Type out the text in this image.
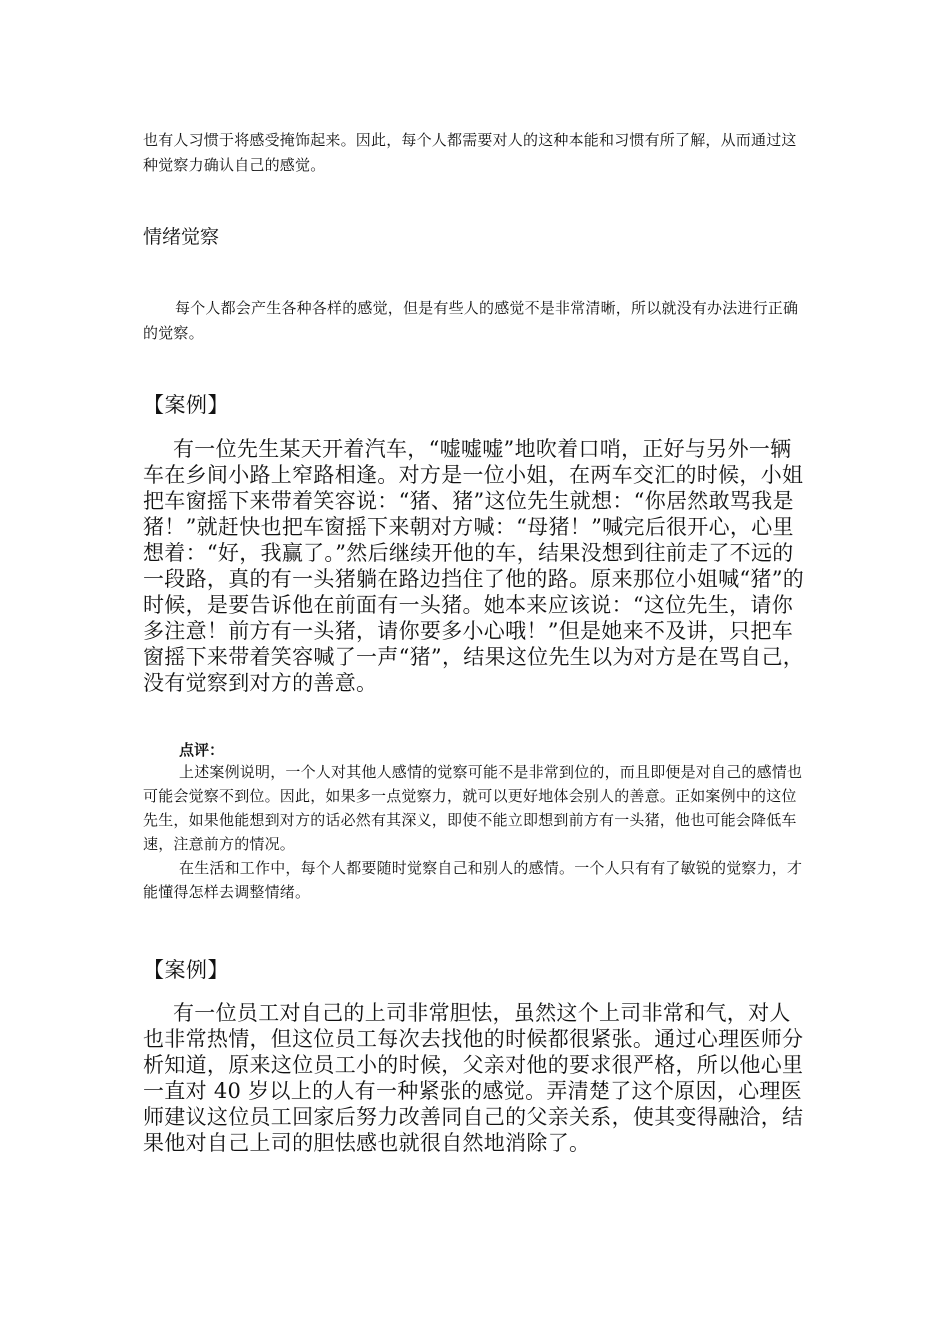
也有人习惯于将感受掩饰起来。因此，每个人都需要对人的这种本能和习惯有所了解，从而通过这种觉察力确认自己的感觉。

情绪觉察

每个人都会产生各种各样的感觉，但是有些人的感觉不是非常清晰，所以就没有办法进行正确的觉察。

【案例】

有一位先生某天开着汽车，“嘘嘘嘘”地吹着口哨，正好与另外一辆车在乡间小路上窄路相逢。对方是一位小姐，在两车交汇的时候，小姐把车窗摇下来带着笑容说：“猪、猪”这位先生就想：“你居然敢骂我是猪！”就赶快也把车窗摇下来朝对方喊：“母猪！”喊完后很开心，心里想着：“好，我赢了。”然后继续开他的车，结果没想到往前走了不远的一段路，真的有一头猪躺在路边挡住了他的路。原来那位小姐喊“猪”的时候，是要告诉他在前面有一头猪。她本来应该说：“这位先生，请你多注意！前方有一头猪，请你要多小心哦！”但是她来不及讲，只把车窗摇下来带着笑容喊了一声“猪”，结果这位先生以为对方是在骂自己，没有觉察到对方的善意。

点评：

上述案例说明，一个人对其他人感情的觉察可能不是非常到位的，而且即便是对自己的感情也可能会觉察不到位。因此，如果多一点觉察力，就可以更好地体会别人的善意。正如案例中的这位先生，如果他能想到对方的话必然有其深义，即使不能立即想到前方有一头猪，他也可能会降低车速，注意前方的情况。

在生活和工作中，每个人都要随时觉察自己和别人的感情。一个人只有有了敏锐的觉察力，才能懂得怎样去调整情绪。

【案例】

有一位员工对自己的上司非常胆怯，虽然这个上司非常和气，对人也非常热情，但这位员工每次去找他的时候都很紧张。通过心理医师分析知道，原来这位员工小的时候，父亲对他的要求很严格，所以他心里一直对 40 岁以上的人有一种紧张的感觉。弄清楚了这个原因，心理医师建议这位员工回家后努力改善同自己的父亲关系，使其变得融洽，结果他对自己上司的胆怯感也就很自然地消除了。
